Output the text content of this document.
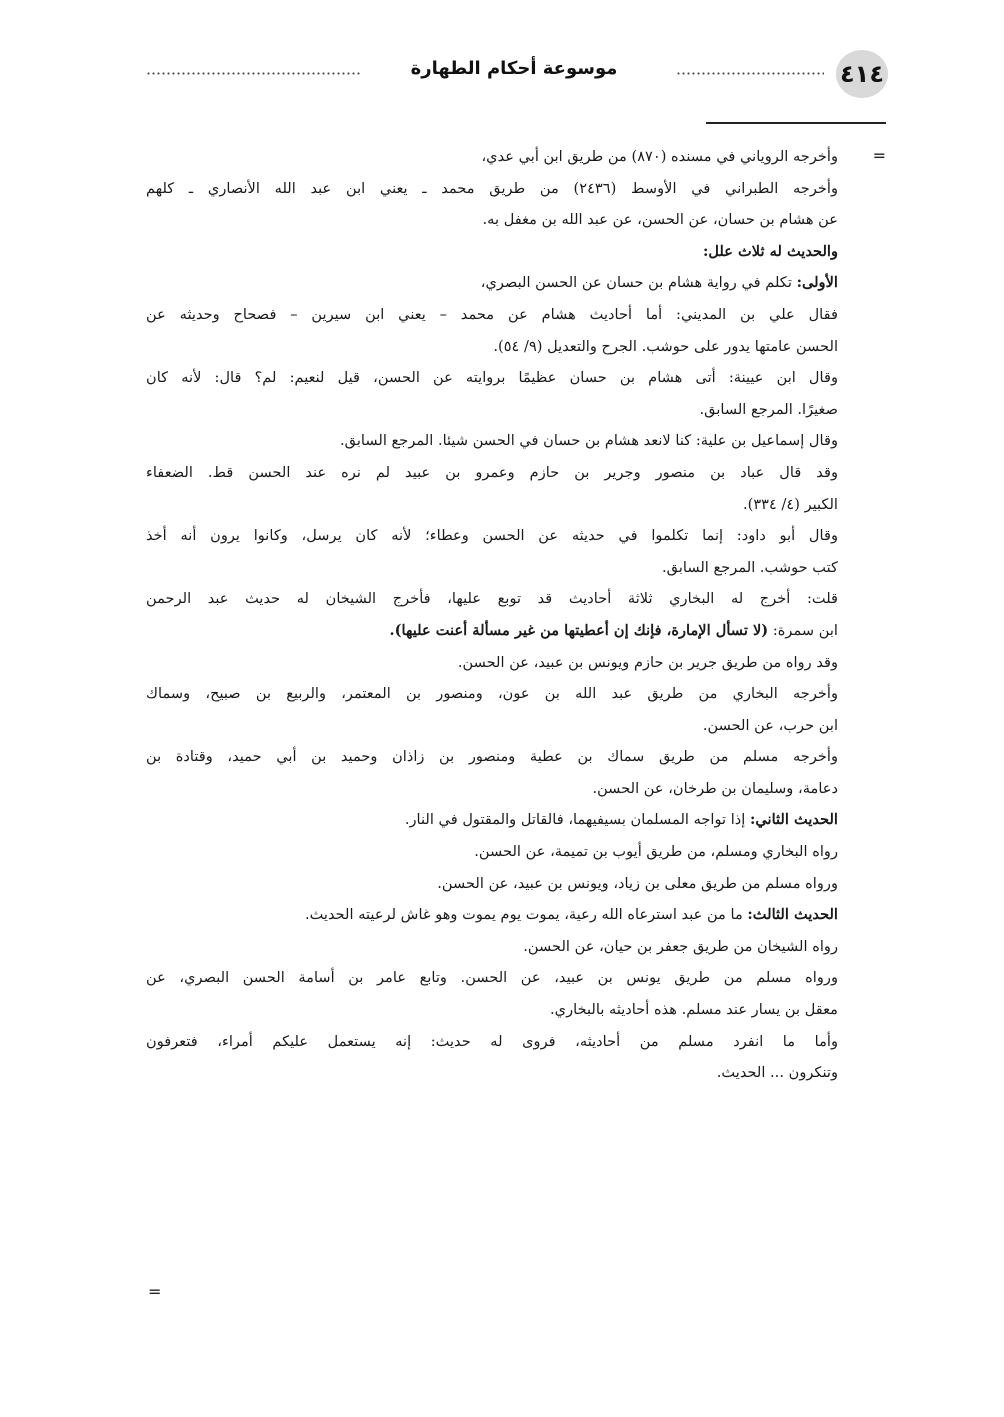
٤١٤
موسوعة أحكام الطهارة
=
وأخرجه الروياني في مسنده (٨٧٠) من طريق ابن أبي عدي،
وأخرجه الطبراني في الأوسط (٢٤٣٦) من طريق محمد ـ يعني ابن عبد الله الأنصاري ـ كلهم
عن هشام بن حسان، عن الحسن، عن عبد الله بن مغفل به.
والحديث له ثلاث علل:
الأولى: تكلم في رواية هشام بن حسان عن الحسن البصري،
فقال علي بن المديني: أما أحاديث هشام عن محمد – يعني ابن سيرين – فصحاح وحديثه عن
الحسن عامتها يدور على حوشب. الجرح والتعديل (٩/ ٥٤).
وقال ابن عيينة: أتى هشام بن حسان عظيمًا بروايته عن الحسن، قيل لنعيم: لم؟ قال: لأنه كان
صغيرًا. المرجع السابق.
وقال إسماعيل بن علية: كنا لانعد هشام بن حسان في الحسن شيئا. المرجع السابق.
وقد قال عباد بن منصور وجرير بن حازم وعمرو بن عبيد لم نره عند الحسن قط. الضعفاء
الكبير (٤/ ٣٣٤).
وقال أبو داود: إنما تكلموا في حديثه عن الحسن وعطاء؛ لأنه كان يرسل، وكانوا يرون أنه أخذ
كتب حوشب. المرجع السابق.
قلت: أخرج له البخاري ثلاثة أحاديث قد توبع عليها، فأخرج الشيخان له حديث عبد الرحمن
ابن سمرة: (لا تسأل الإمارة، فإنك إن أعطيتها من غير مسألة أعنت عليها).
وقد رواه من طريق جرير بن حازم ويونس بن عبيد، عن الحسن.
وأخرجه البخاري من طريق عبد الله بن عون، ومنصور بن المعتمر، والربيع بن صبيح، وسماك
ابن حرب، عن الحسن.
وأخرجه مسلم من طريق سماك بن عطية ومنصور بن زاذان وحميد بن أبي حميد، وقتادة بن
دعامة، وسليمان بن طرخان، عن الحسن.
الحديث الثاني: إذا تواجه المسلمان بسيفيهما، فالقاتل والمقتول في النار.
رواه البخاري ومسلم، من طريق أيوب بن تميمة، عن الحسن.
ورواه مسلم من طريق معلى بن زياد، ويونس بن عبيد، عن الحسن.
الحديث الثالث: ما من عبد استرعاه الله رعية، يموت يوم يموت وهو غاش لرعيته الحديث.
رواه الشيخان من طريق جعفر بن حيان، عن الحسن.
ورواه مسلم من طريق يونس بن عبيد، عن الحسن. وتابع عامر بن أسامة الحسن البصري، عن
معقل بن يسار عند مسلم. هذه أحاديثه بالبخاري.
وأما ما انفرد مسلم من أحاديثه، فروى له حديث: إنه يستعمل عليكم أمراء، فتعرفون
وتنكرون ... الحديث.
=
